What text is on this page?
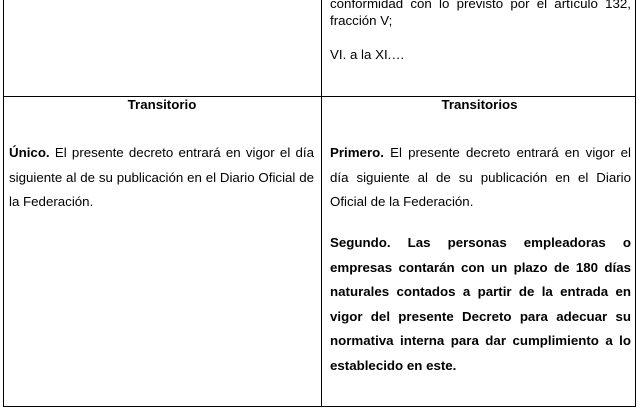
conformidad con lo previsto por el artículo 132, fracción V;

VI. a la XI.…

Transitorio	Transitorios

Único. El presente decreto entrará en vigor el día siguiente al de su publicación en el Diario Oficial de la Federación.

Primero. El presente decreto entrará en vigor el día siguiente al de su publicación en el Diario Oficial de la Federación.

Segundo. Las personas empleadoras o empresas contarán con un plazo de 180 días naturales contados a partir de la entrada en vigor del presente Decreto para adecuar su normativa interna para dar cumplimiento a lo establecido en este.
